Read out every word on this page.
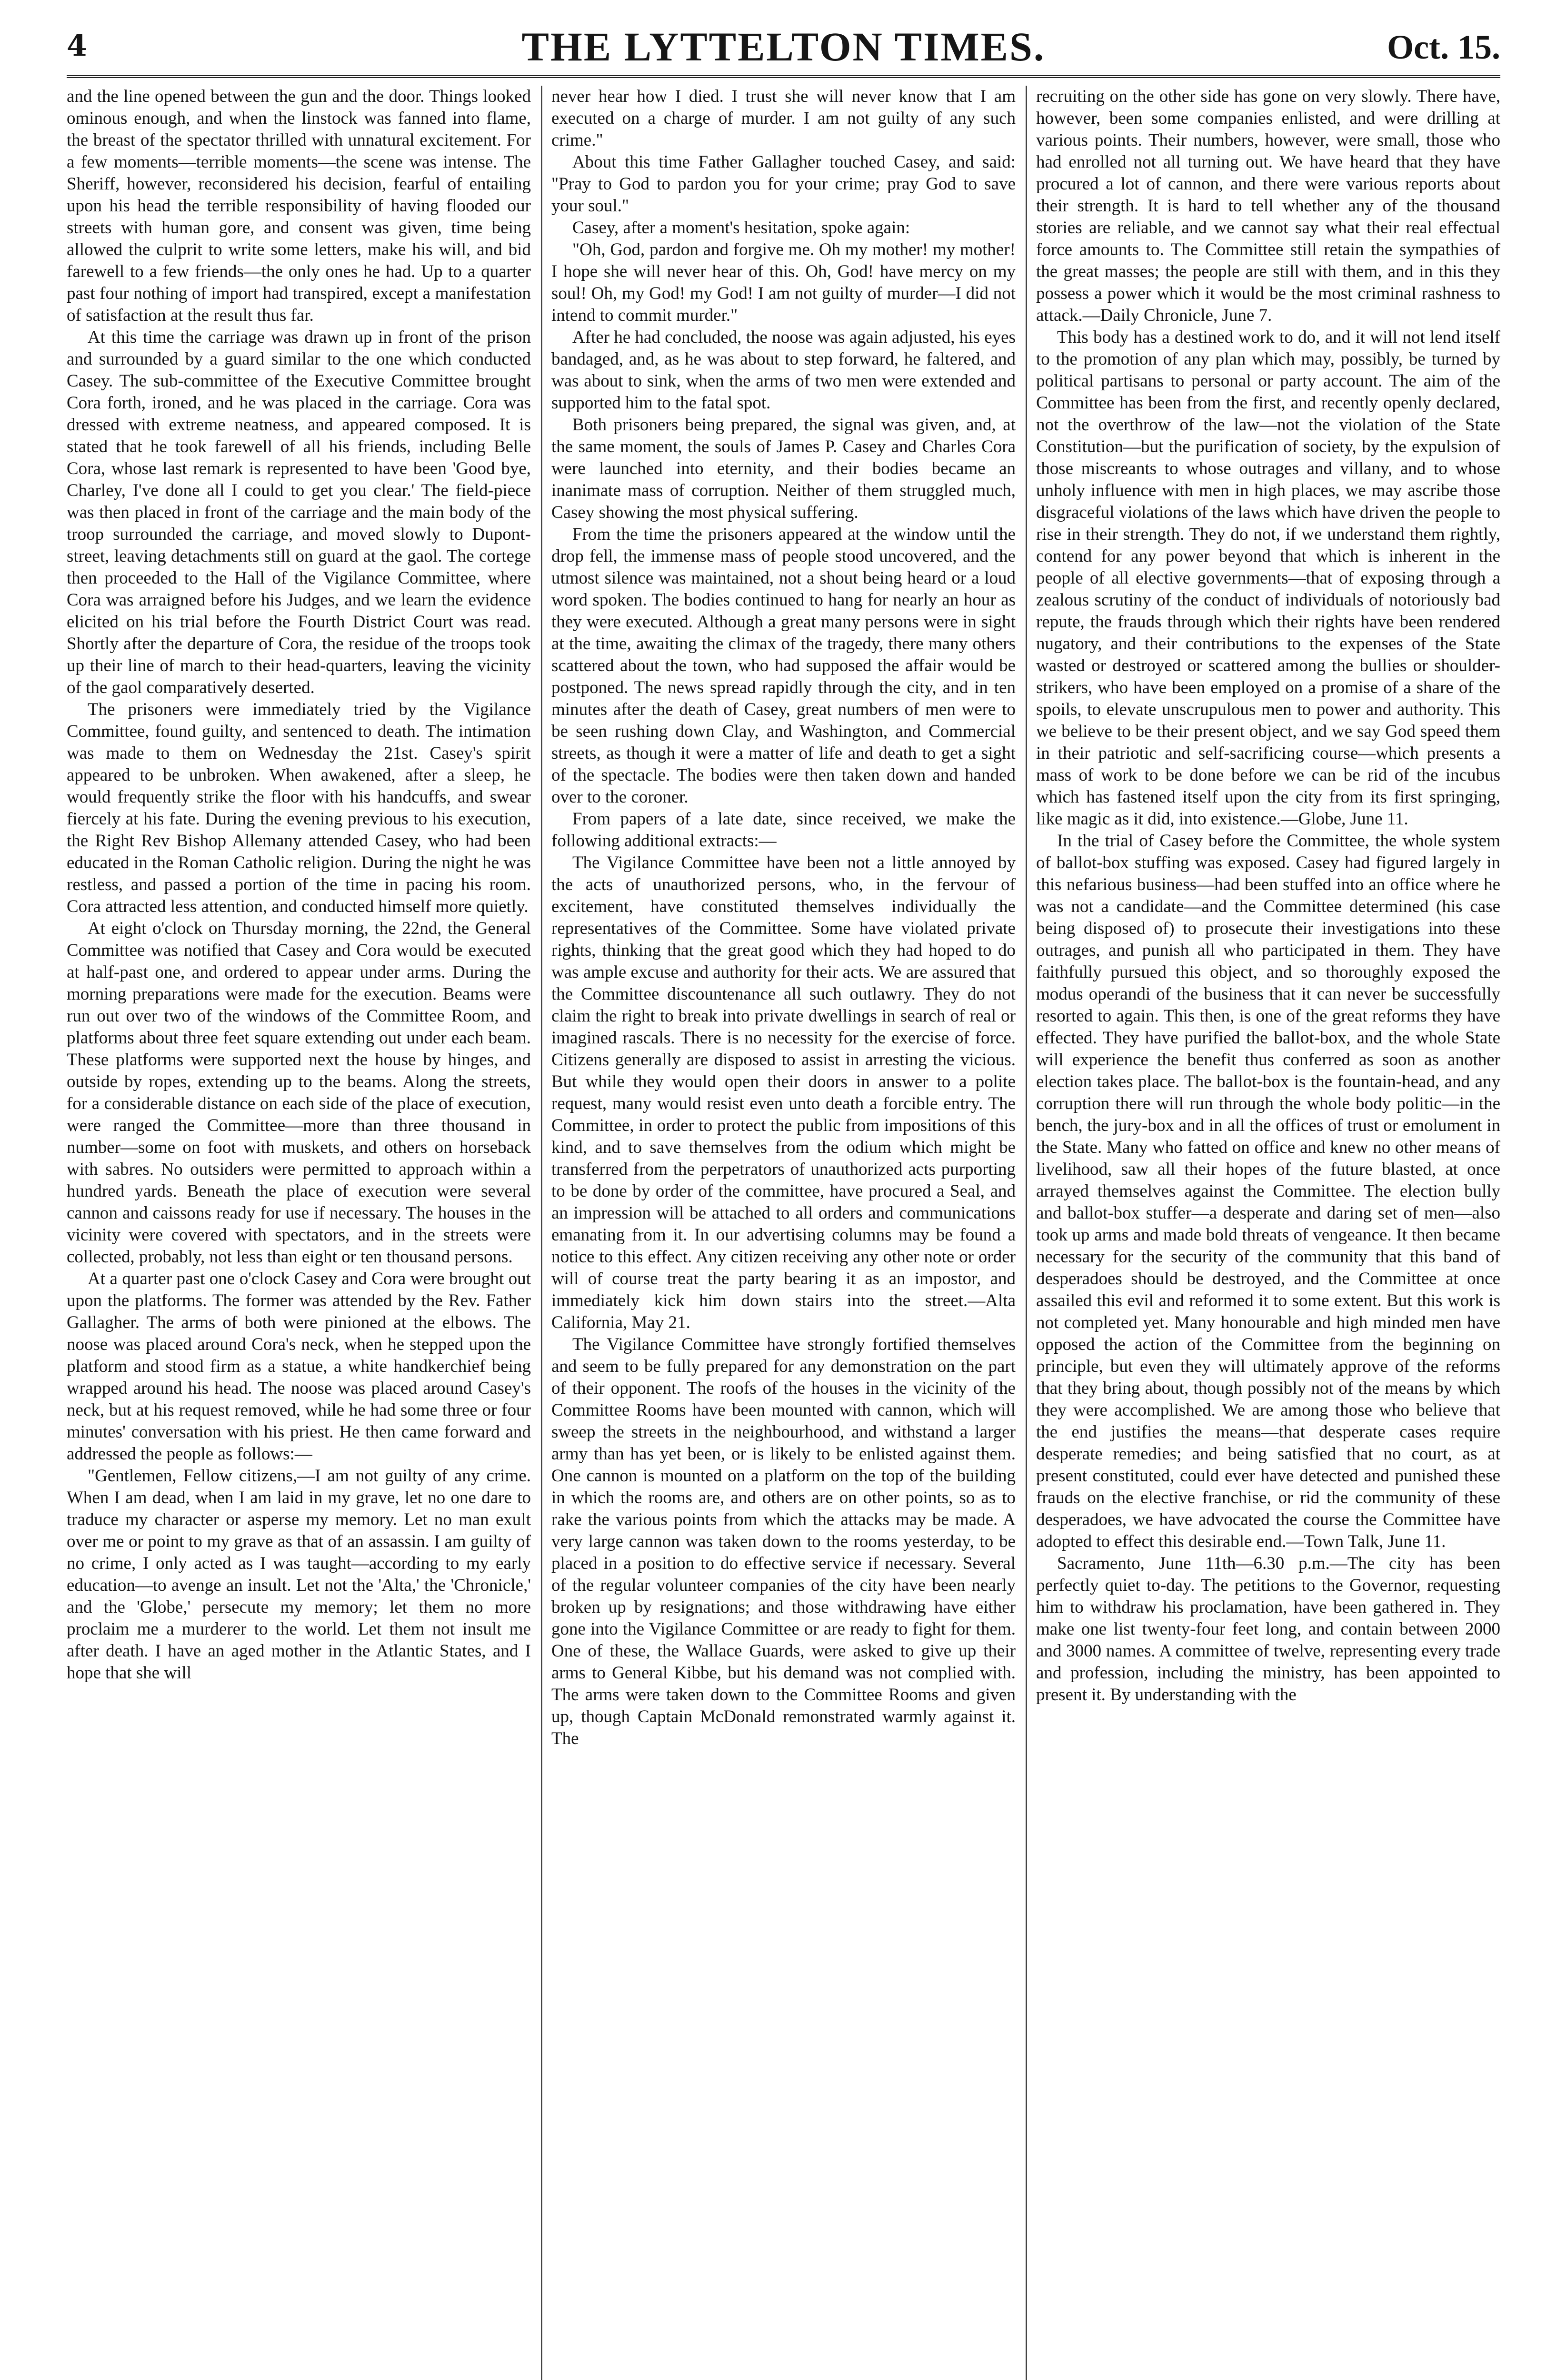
4	THE LYTTELTON TIMES.	Oct. 15.

and the line opened between the gun and the door. Things looked ominous enough, and when the linstock was fanned into flame, the breast of the spectator thrilled with unnatural excitement. For a few moments—terrible moments—the scene was intense. The Sheriff, however, reconsidered his decision, fearful of entailing upon his head the terrible responsibility of having flooded our streets with human gore, and consent was given, time being allowed the culprit to write some letters, make his will, and bid farewell to a few friends—the only ones he had. Up to a quarter past four nothing of import had transpired, except a manifestation of satisfaction at the result thus far.

At this time the carriage was drawn up in front of the prison and surrounded by a guard similar to the one which conducted Casey. The sub-committee of the Executive Committee brought Cora forth, ironed, and he was placed in the carriage. Cora was dressed with extreme neatness, and appeared composed. It is stated that he took farewell of all his friends, including Belle Cora, whose last remark is represented to have been 'Good bye, Charley, I've done all I could to get you clear.' The field-piece was then placed in front of the carriage and the main body of the troop surrounded the carriage, and moved slowly to Dupont-street, leaving detachments still on guard at the gaol. The cortege then proceeded to the Hall of the Vigilance Committee, where Cora was arraigned before his Judges, and we learn the evidence elicited on his trial before the Fourth District Court was read. Shortly after the departure of Cora, the residue of the troops took up their line of march to their head-quarters, leaving the vicinity of the gaol comparatively deserted.

The prisoners were immediately tried by the Vigilance Committee, found guilty, and sentenced to death. The intimation was made to them on Wednesday the 21st. Casey's spirit appeared to be unbroken. When awakened, after a sleep, he would frequently strike the floor with his handcuffs, and swear fiercely at his fate. During the evening previous to his execution, the Right Rev Bishop Allemany attended Casey, who had been educated in the Roman Catholic religion. During the night he was restless, and passed a portion of the time in pacing his room. Cora attracted less attention, and conducted himself more quietly.

At eight o'clock on Thursday morning, the 22nd, the General Committee was notified that Casey and Cora would be executed at half-past one, and ordered to appear under arms. During the morning preparations were made for the execution. Beams were run out over two of the windows of the Committee Room, and platforms about three feet square extending out under each beam. These platforms were supported next the house by hinges, and outside by ropes, extending up to the beams. Along the streets, for a considerable distance on each side of the place of execution, were ranged the Committee—more than three thousand in number—some on foot with muskets, and others on horseback with sabres. No outsiders were permitted to approach within a hundred yards. Beneath the place of execution were several cannon and caissons ready for use if necessary. The houses in the vicinity were covered with spectators, and in the streets were collected, probably, not less than eight or ten thousand persons.

At a quarter past one o'clock Casey and Cora were brought out upon the platforms. The former was attended by the Rev. Father Gallagher. The arms of both were pinioned at the elbows. The noose was placed around Cora's neck, when he stepped upon the platform and stood firm as a statue, a white handkerchief being wrapped around his head. The noose was placed around Casey's neck, but at his request removed, while he had some three or four minutes' conversation with his priest. He then came forward and addressed the people as follows:—

"Gentlemen, Fellow citizens,—I am not guilty of any crime. When I am dead, when I am laid in my grave, let no one dare to traduce my character or asperse my memory. Let no man exult over me or point to my grave as that of an assassin. I am guilty of no crime, I only acted as I was taught—according to my early education—to avenge an insult. Let not the 'Alta,' the 'Chronicle,' and the 'Globe,' persecute my memory; let them no more proclaim me a murderer to the world. Let them not insult me after death. I have an aged mother in the Atlantic States, and I hope that she will

never hear how I died. I trust she will never know that I am executed on a charge of murder. I am not guilty of any such crime."

About this time Father Gallagher touched Casey, and said: "Pray to God to pardon you for your crime; pray God to save your soul."

Casey, after a moment's hesitation, spoke again:

"Oh, God, pardon and forgive me. Oh my mother! my mother! I hope she will never hear of this. Oh, God! have mercy on my soul! Oh, my God! my God! I am not guilty of murder—I did not intend to commit murder."

After he had concluded, the noose was again adjusted, his eyes bandaged, and, as he was about to step forward, he faltered, and was about to sink, when the arms of two men were extended and supported him to the fatal spot.

Both prisoners being prepared, the signal was given, and, at the same moment, the souls of James P. Casey and Charles Cora were launched into eternity, and their bodies became an inanimate mass of corruption. Neither of them struggled much, Casey showing the most physical suffering.

From the time the prisoners appeared at the window until the drop fell, the immense mass of people stood uncovered, and the utmost silence was maintained, not a shout being heard or a loud word spoken. The bodies continued to hang for nearly an hour as they were executed. Although a great many persons were in sight at the time, awaiting the climax of the tragedy, there many others scattered about the town, who had supposed the affair would be postponed. The news spread rapidly through the city, and in ten minutes after the death of Casey, great numbers of men were to be seen rushing down Clay, and Washington, and Commercial streets, as though it were a matter of life and death to get a sight of the spectacle. The bodies were then taken down and handed over to the coroner.

From papers of a late date, since received, we make the following additional extracts:—

The Vigilance Committee have been not a little annoyed by the acts of unauthorized persons, who, in the fervour of excitement, have constituted themselves individually the representatives of the Committee. Some have violated private rights, thinking that the great good which they had hoped to do was ample excuse and authority for their acts. We are assured that the Committee discountenance all such outlawry. They do not claim the right to break into private dwellings in search of real or imagined rascals. There is no necessity for the exercise of force. Citizens generally are disposed to assist in arresting the vicious. But while they would open their doors in answer to a polite request, many would resist even unto death a forcible entry. The Committee, in order to protect the public from impositions of this kind, and to save themselves from the odium which might be transferred from the perpetrators of unauthorized acts purporting to be done by order of the committee, have procured a Seal, and an impression will be attached to all orders and communications emanating from it. In our advertising columns may be found a notice to this effect. Any citizen receiving any other note or order will of course treat the party bearing it as an impostor, and immediately kick him down stairs into the street.—Alta California, May 21.

The Vigilance Committee have strongly fortified themselves and seem to be fully prepared for any demonstration on the part of their opponent. The roofs of the houses in the vicinity of the Committee Rooms have been mounted with cannon, which will sweep the streets in the neighbourhood, and withstand a larger army than has yet been, or is likely to be enlisted against them. One cannon is mounted on a platform on the top of the building in which the rooms are, and others are on other points, so as to rake the various points from which the attacks may be made. A very large cannon was taken down to the rooms yesterday, to be placed in a position to do effective service if necessary. Several of the regular volunteer companies of the city have been nearly broken up by resignations; and those withdrawing have either gone into the Vigilance Committee or are ready to fight for them. One of these, the Wallace Guards, were asked to give up their arms to General Kibbe, but his demand was not complied with. The arms were taken down to the Committee Rooms and given up, though Captain McDonald remonstrated warmly against it. The

recruiting on the other side has gone on very slowly. There have, however, been some companies enlisted, and were drilling at various points. Their numbers, however, were small, those who had enrolled not all turning out. We have heard that they have procured a lot of cannon, and there were various reports about their strength. It is hard to tell whether any of the thousand stories are reliable, and we cannot say what their real effectual force amounts to. The Committee still retain the sympathies of the great masses; the people are still with them, and in this they possess a power which it would be the most criminal rashness to attack.—Daily Chronicle, June 7.

This body has a destined work to do, and it will not lend itself to the promotion of any plan which may, possibly, be turned by political partisans to personal or party account. The aim of the Committee has been from the first, and recently openly declared, not the overthrow of the law—not the violation of the State Constitution—but the purification of society, by the expulsion of those miscreants to whose outrages and villany, and to whose unholy influence with men in high places, we may ascribe those disgraceful violations of the laws which have driven the people to rise in their strength. They do not, if we understand them rightly, contend for any power beyond that which is inherent in the people of all elective governments—that of exposing through a zealous scrutiny of the conduct of individuals of notoriously bad repute, the frauds through which their rights have been rendered nugatory, and their contributions to the expenses of the State wasted or destroyed or scattered among the bullies or shoulder-strikers, who have been employed on a promise of a share of the spoils, to elevate unscrupulous men to power and authority. This we believe to be their present object, and we say God speed them in their patriotic and self-sacrificing course—which presents a mass of work to be done before we can be rid of the incubus which has fastened itself upon the city from its first springing, like magic as it did, into existence.—Globe, June 11.

In the trial of Casey before the Committee, the whole system of ballot-box stuffing was exposed. Casey had figured largely in this nefarious business—had been stuffed into an office where he was not a candidate—and the Committee determined (his case being disposed of) to prosecute their investigations into these outrages, and punish all who participated in them. They have faithfully pursued this object, and so thoroughly exposed the modus operandi of the business that it can never be successfully resorted to again. This then, is one of the great reforms they have effected. They have purified the ballot-box, and the whole State will experience the benefit thus conferred as soon as another election takes place. The ballot-box is the fountain-head, and any corruption there will run through the whole body politic—in the bench, the jury-box and in all the offices of trust or emolument in the State. Many who fatted on office and knew no other means of livelihood, saw all their hopes of the future blasted, at once arrayed themselves against the Committee. The election bully and ballot-box stuffer—a desperate and daring set of men—also took up arms and made bold threats of vengeance. It then became necessary for the security of the community that this band of desperadoes should be destroyed, and the Committee at once assailed this evil and reformed it to some extent. But this work is not completed yet. Many honourable and high minded men have opposed the action of the Committee from the beginning on principle, but even they will ultimately approve of the reforms that they bring about, though possibly not of the means by which they were accomplished. We are among those who believe that the end justifies the means—that desperate cases require desperate remedies; and being satisfied that no court, as at present constituted, could ever have detected and punished these frauds on the elective franchise, or rid the community of these desperadoes, we have advocated the course the Committee have adopted to effect this desirable end.—Town Talk, June 11.

Sacramento, June 11th—6.30 p.m.—The city has been perfectly quiet to-day. The petitions to the Governor, requesting him to withdraw his proclamation, have been gathered in. They make one list twenty-four feet long, and contain between 2000 and 3000 names. A committee of twelve, representing every trade and profession, including the ministry, has been appointed to present it. By understanding with the
